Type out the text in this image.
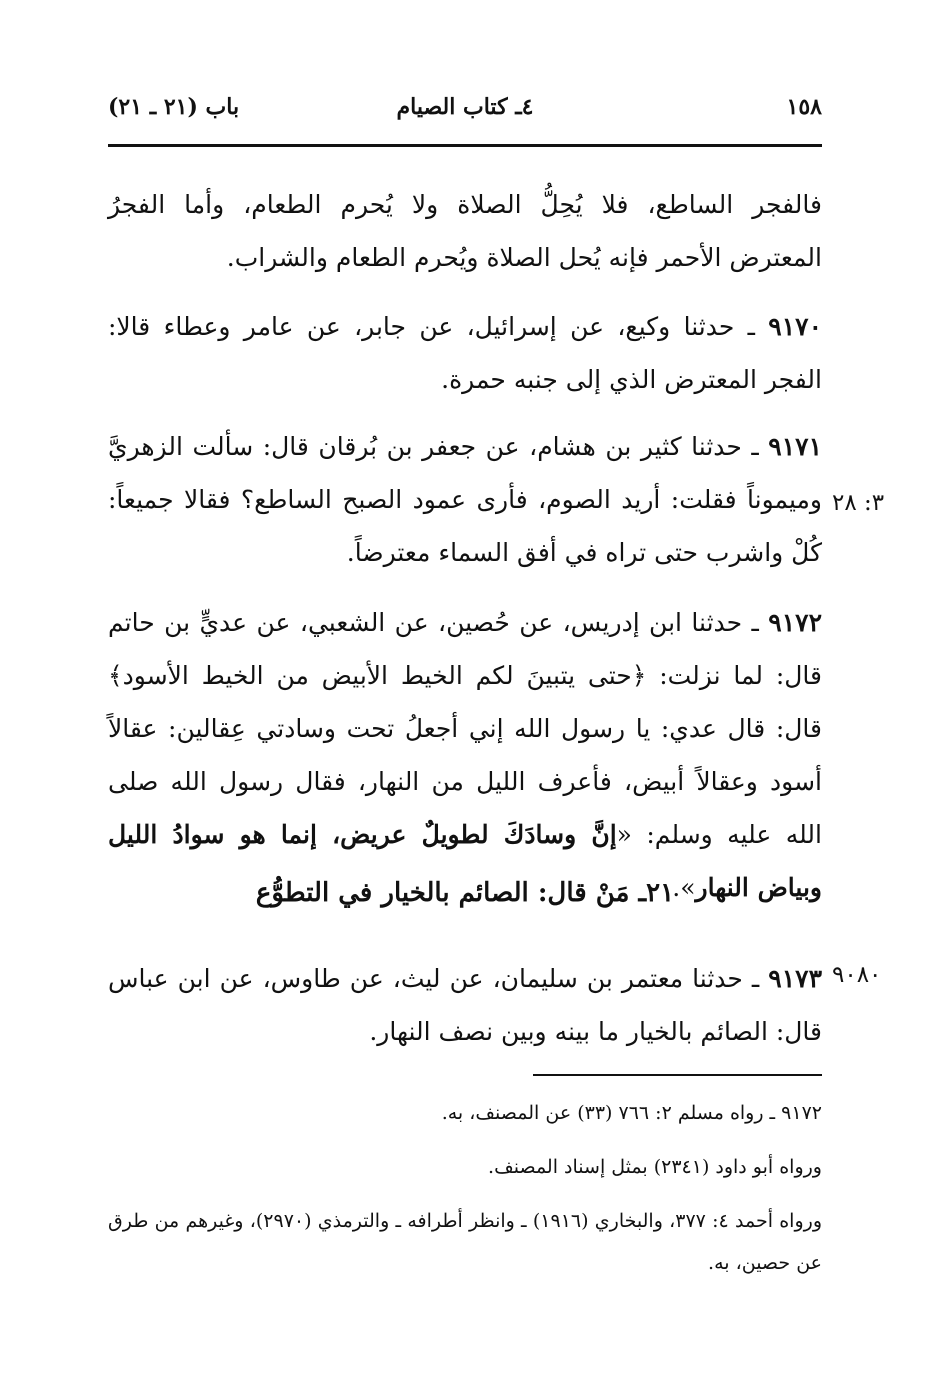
١٥٨
٤ـ كتاب الصيام
باب (٢١ ـ ٢١)
فالفجر الساطع، فلا يُحِلُّ الصلاة ولا يُحرم الطعام، وأما الفجرُ المعترض الأحمر فإنه يُحل الصلاة ويُحرم الطعام والشراب.
٩١٧٠ ـ حدثنا وكيع، عن إسرائيل، عن جابر، عن عامر وعطاء قالا: الفجر المعترض الذي إلى جنبه حمرة.
٩١٧١ ـ حدثنا كثير بن هشام، عن جعفر بن بُرقان قال: سألت الزهريَّ وميموناً فقلت: أريد الصوم، فأرى عمود الصبح الساطع؟ فقالا جميعاً: كُلْ واشرب حتى تراه في أفق السماء معترضاً.
٣: ٢٨
٩١٧٢ ـ حدثنا ابن إدريس، عن حُصين، عن الشعبي، عن عديٍّ بن حاتم قال: لما نزلت: ﴿حتى يتبينَ لكم الخيط الأبيض من الخيط الأسود﴾ قال: قال عدي: يا رسول الله إني أجعلُ تحت وسادتي عِقالين: عقالاً أسود وعقالاً أبيض، فأعرف الليل من النهار، فقال رسول الله صلى الله عليه وسلم: «إنَّ وسادَكَ لطويلٌ عريض، إنما هو سوادُ الليل وبياض النهار».
٢١ـ مَنْ قال: الصائم بالخيار في التطوُّع
٩١٧٣ ـ حدثنا معتمر بن سليمان، عن ليث، عن طاوس، عن ابن عباس قال: الصائم بالخيار ما بينه وبين نصف النهار.
٩٠٨٠
٩١٧٢ ـ رواه مسلم ٢: ٧٦٦ (٣٣) عن المصنف، به.
ورواه أبو داود (٢٣٤١) بمثل إسناد المصنف.
ورواه أحمد ٤: ٣٧٧، والبخاري (١٩١٦) ـ وانظر أطرافه ـ والترمذي (٢٩٧٠)، وغيرهم من طرق عن حصين، به.
